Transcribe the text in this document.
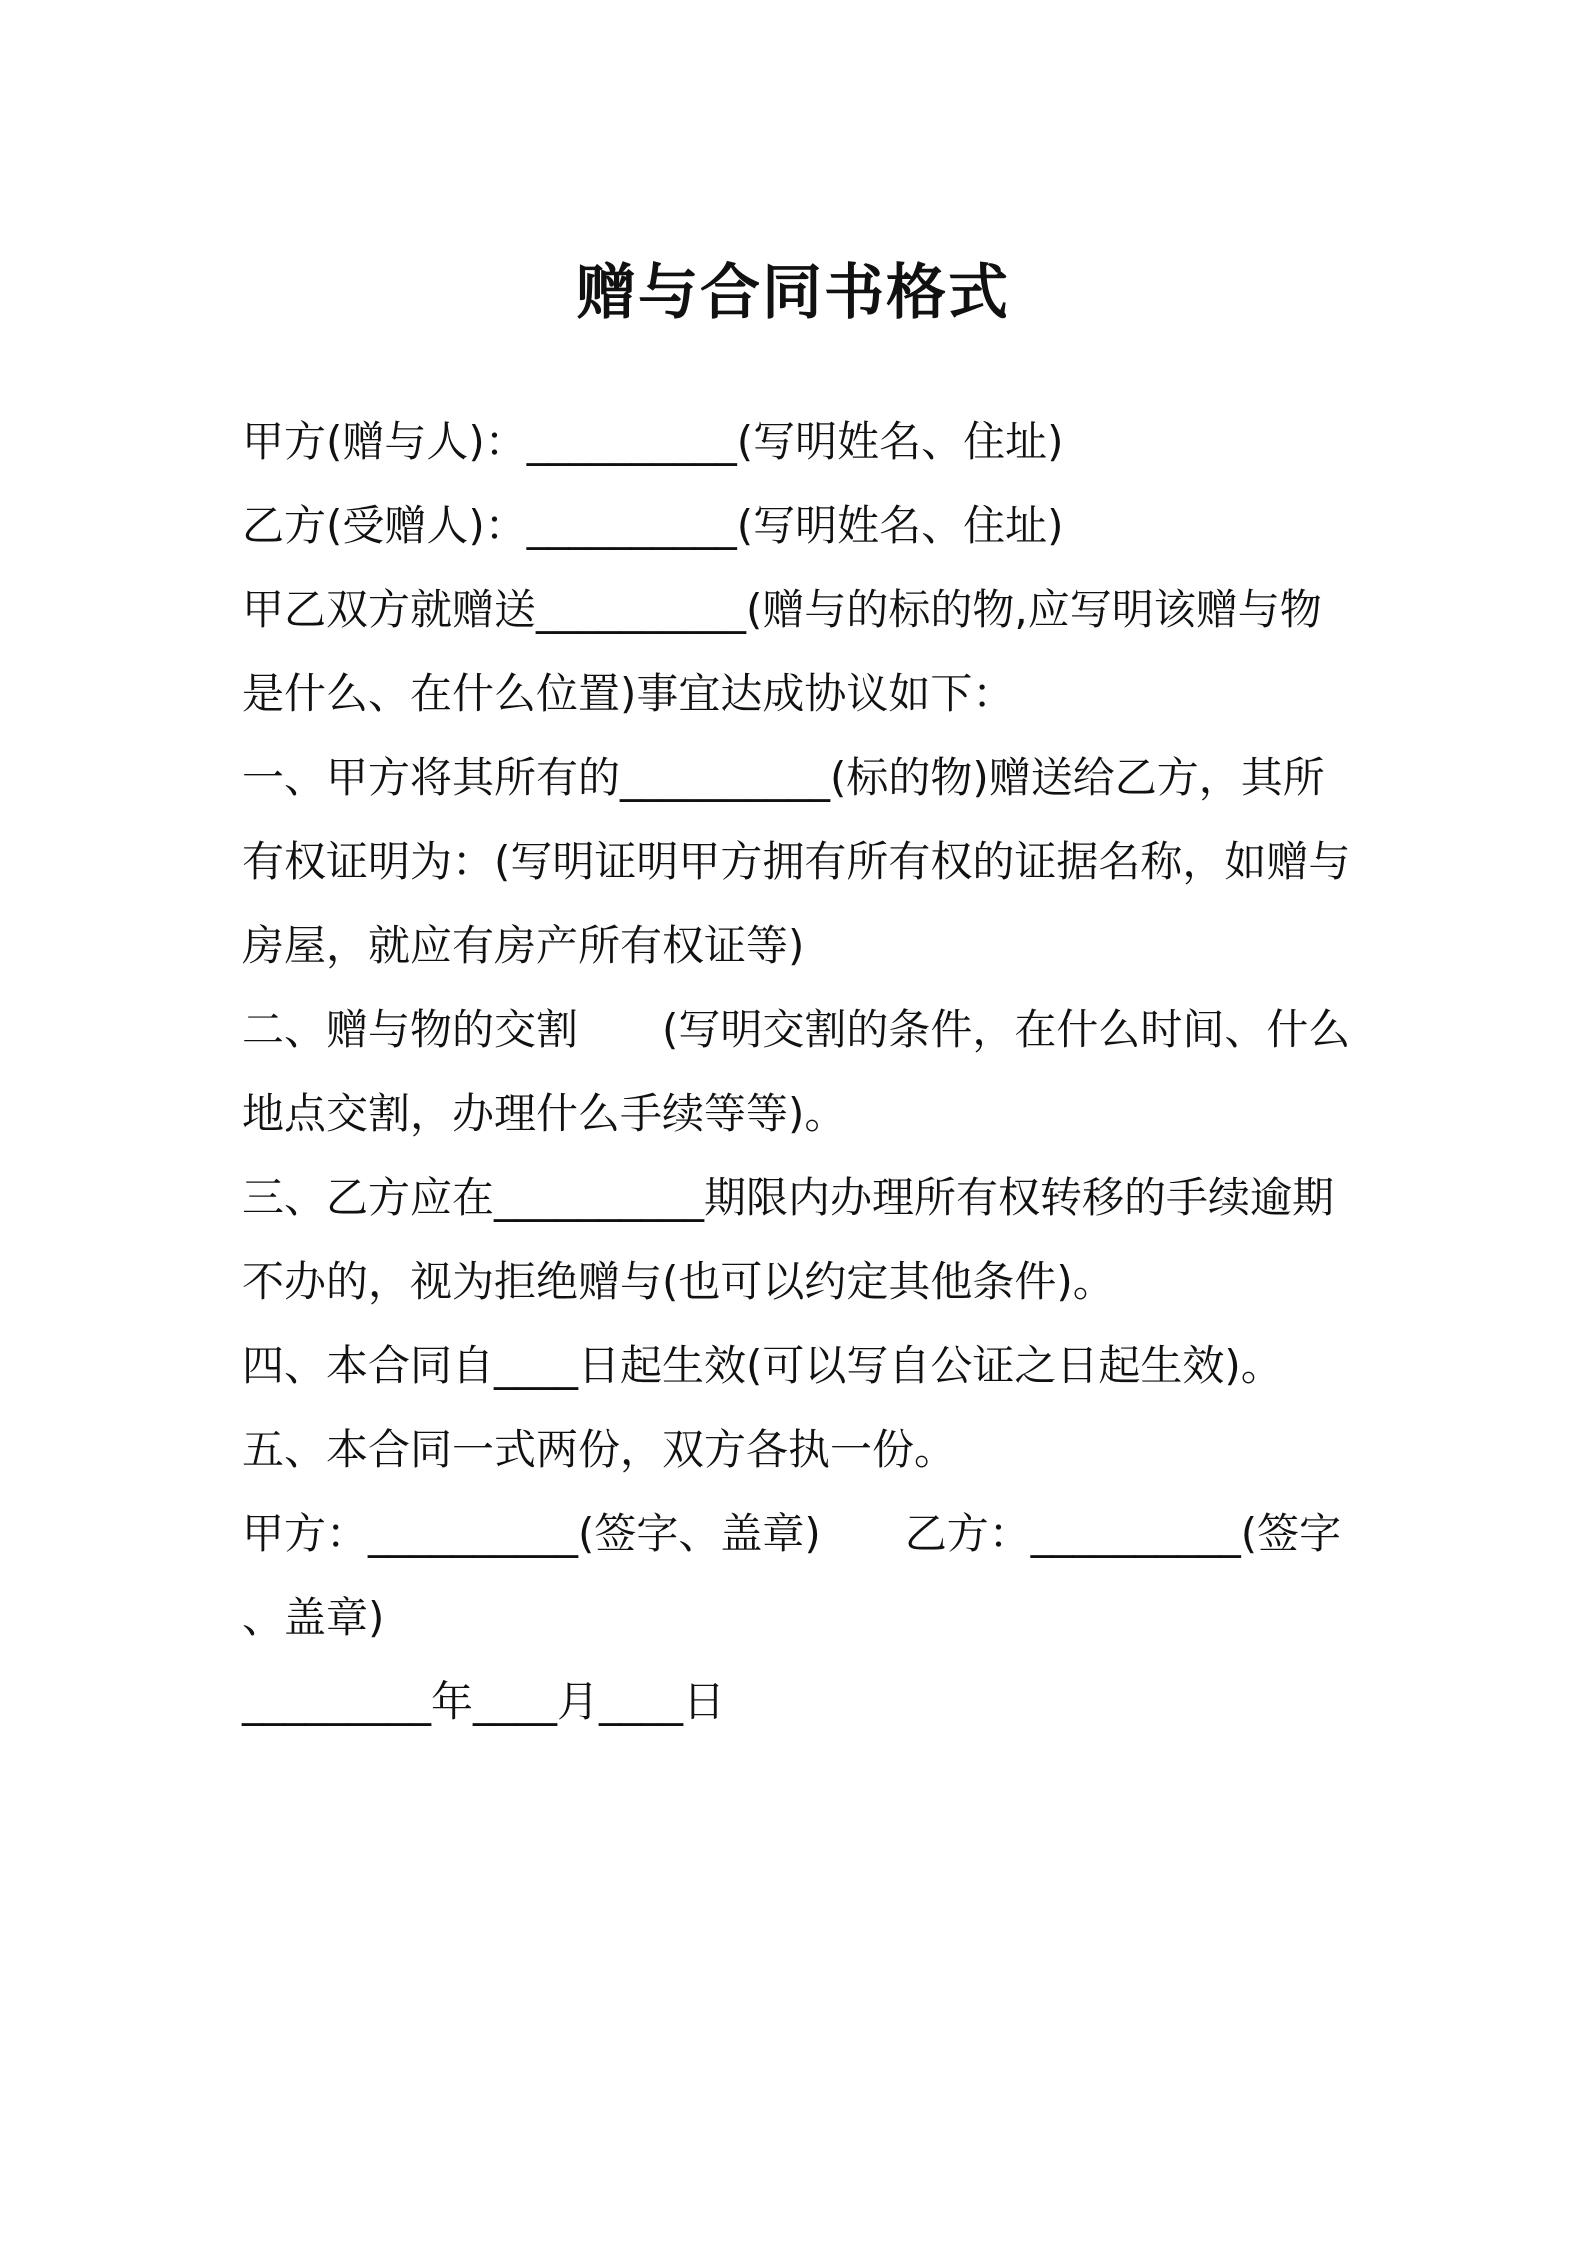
赠与合同书格式
甲方(赠与人)：__________(写明姓名、住址)
乙方(受赠人)：__________(写明姓名、住址)
甲乙双方就赠送__________(赠与的标的物,应写明该赠与物
是什么、在什么位置)事宜达成协议如下：
一、甲方将其所有的__________(标的物)赠送给乙方，其所
有权证明为：(写明证明甲方拥有所有权的证据名称，如赠与
房屋，就应有房产所有权证等)
二、赠与物的交割　　(写明交割的条件，在什么时间、什么
地点交割，办理什么手续等等)。
三、乙方应在__________期限内办理所有权转移的手续逾期
不办的，视为拒绝赠与(也可以约定其他条件)。
四、本合同自____日起生效(可以写自公证之日起生效)。
五、本合同一式两份，双方各执一份。
甲方：__________(签字、盖章)　　乙方：__________(签字
、盖章)
_________年____月____日
